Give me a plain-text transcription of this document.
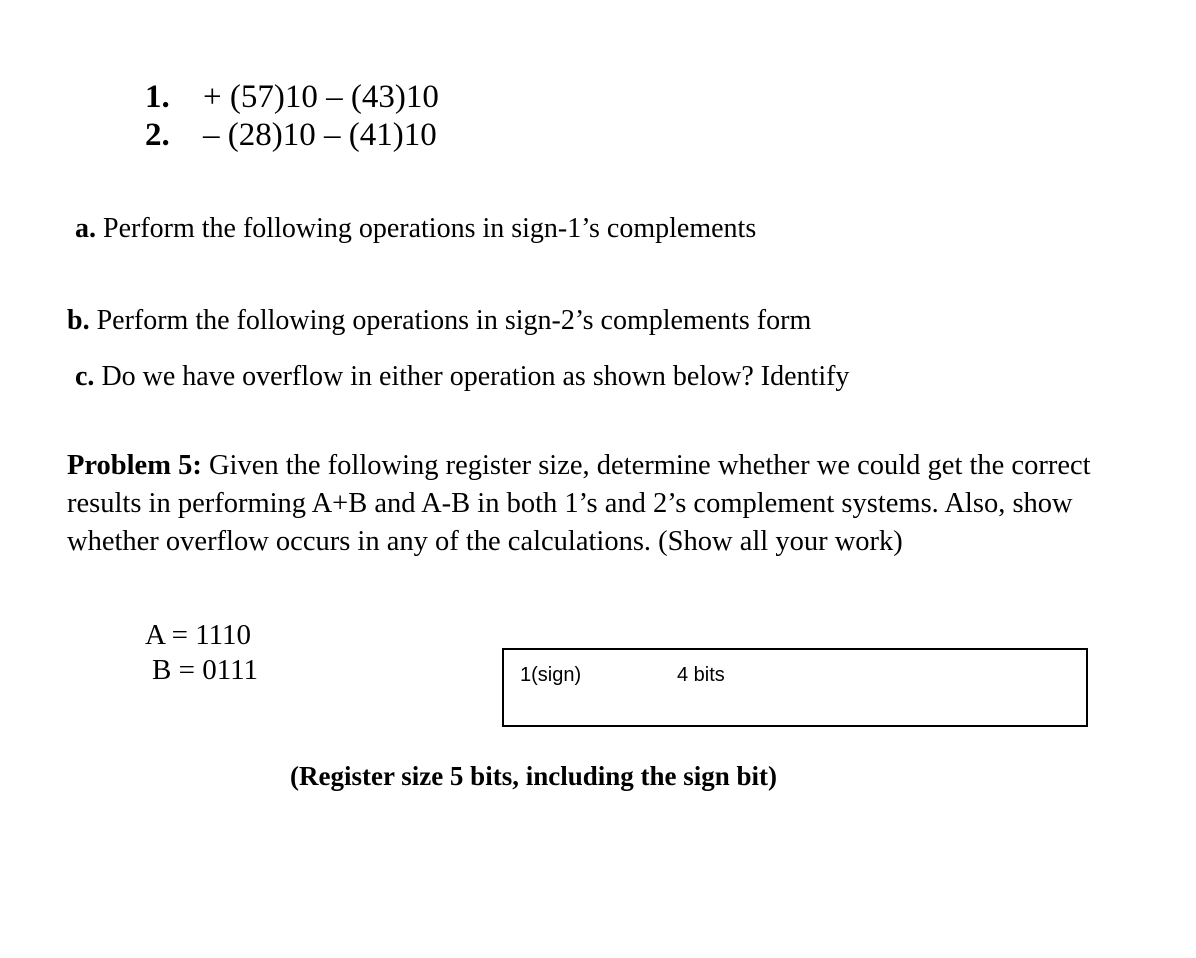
1. + (57)10 – (43)10
2. – (28)10 – (41)10
a. Perform the following operations in sign-1’s complements
b. Perform the following operations in sign-2’s complements form
c. Do we have overflow in either operation as shown below? Identify
Problem 5: Given the following register size, determine whether we could get the correct results in performing A+B and A-B in both 1’s and 2’s complement systems. Also, show whether overflow occurs in any of the calculations. (Show all your work)
A = 1110
B = 0111	1(sign)	4 bits
(Register size 5 bits, including the sign bit)
